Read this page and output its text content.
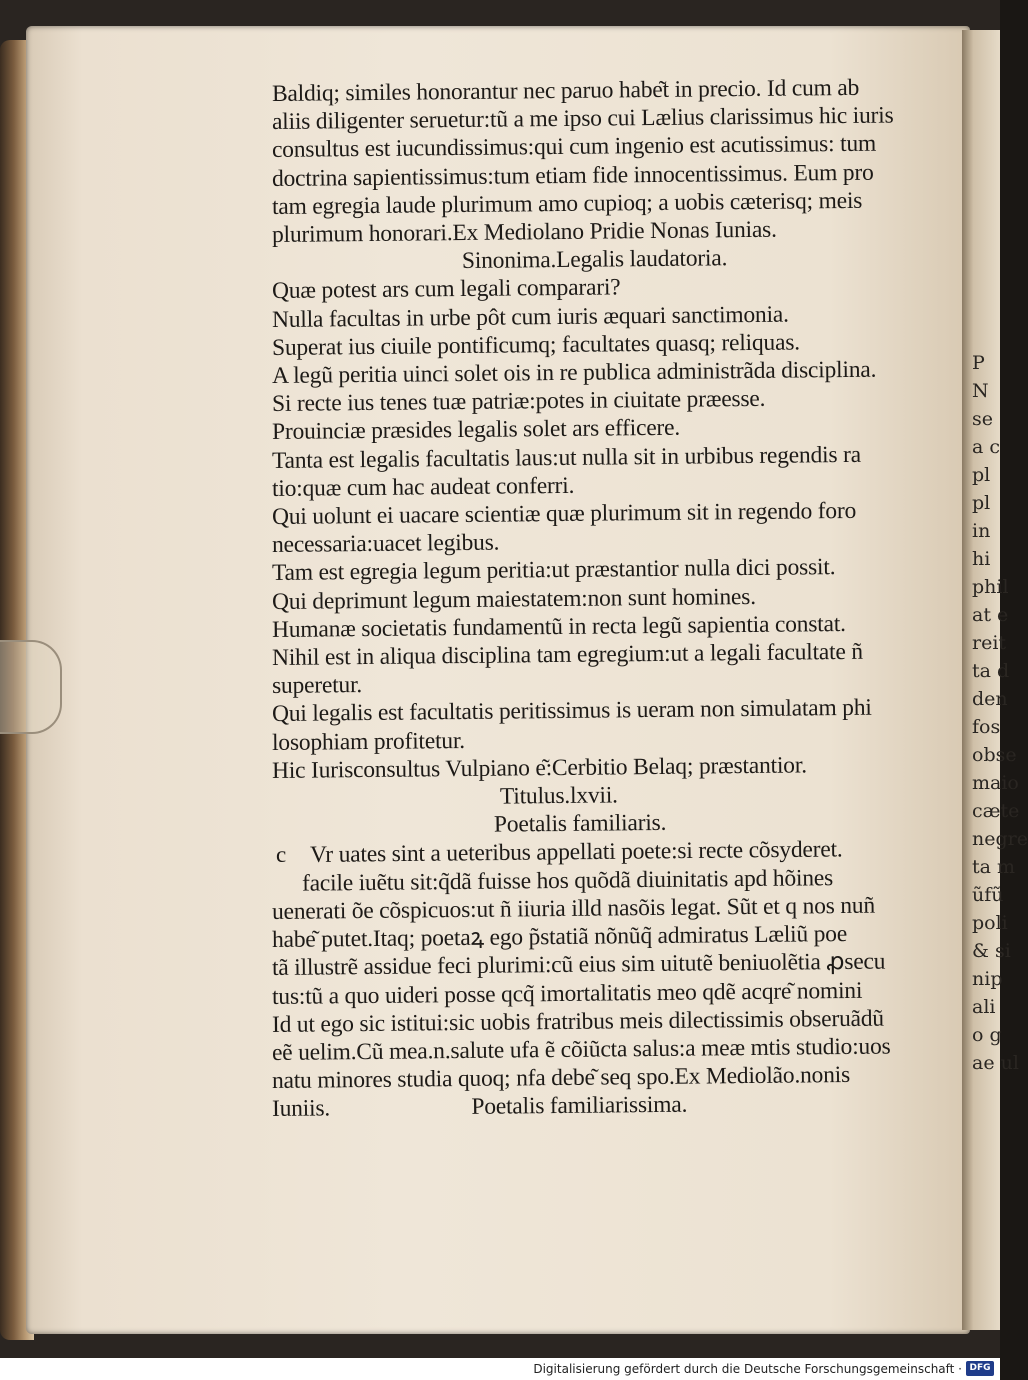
P
N
se
a c
pl
pl
in
hi
phil
at e
reit
ta d
den
fos
obse
maio
cæte
negre
ta m
ũfũ
poli
& si
nip
ali
o g
ae ul
Baldiq; similes honorantur nec paruo habe͂t in precio. Id cum ab
aliis diligenter seruetur:tũ a me ipso cui Lælius clarissimus hic iuris
consultus est iucundissimus:qui cum ingenio est acutissimus: tum
doctrina sapientissimus:tum etiam fide innocentissimus. Eum pro
tam egregia laude plurimum amo cupioq; a uobis cæterisq; meis
plurimum honorari.Ex Mediolano Pridie Nonas Iunias.
Sinonima.Legalis laudatoria.
Quæ potest ars cum legali comparari?
Nulla facultas in urbe pôt cum iuris æquari sanctimonia.
Superat ius ciuile pontificumq; facultates quasq; reliquas.
A legũ peritia uinci solet ois in re publica administrãda disciplina.
Si recte ius tenes tuæ patriæ:potes in ciuitate præesse.
Prouinciæ præsides legalis solet ars efficere.
Tanta est legalis facultatis laus:ut nulla sit in urbibus regendis ra
tio:quæ cum hac audeat conferri.
Qui uolunt ei uacare scientiæ quæ plurimum sit in regendo foro
necessaria:uacet legibus.
Tam est egregia legum peritia:ut præstantior nulla dici possit.
Qui deprimunt legum maiestatem:non sunt homines.
Humanæ societatis fundamentũ in recta legũ sapientia constat.
Nihil est in aliqua disciplina tam egregium:ut a legali facultate ñ
superetur.
Qui legalis est facultatis peritissimus is ueram non simulatam phi
losophiam profitetur.
Hic Iurisconsultus Vulpiano e͂:Cerbitio Belaq; præstantior.
Titulus.lxvii.
Poetalis familiaris.
c	Vr uates sint a ueteribus appellati poete:si recte cõsyderet.
facile iuẽtu sit:q̃dã fuisse hos quõdã diuinitatis apd hõines
uenerati õe cõspicuos:ut ñ iiuria illd nasõis legat. Sũt et q nos nuñ
habe͂ putet.Itaq; poetaꝝ ego p̃statiã nõnũq̃ admiratus Læliũ poe
tã illustrẽ assidue feci plurimi:cũ eius sim uitutẽ beniuolẽtia ꝓsecu
tus:tũ a quo uideri posse qcq̃ imortalitatis meo qdẽ acqre͂ nomini
Id ut ego sic istitui:sic uobis fratribus meis dilectissimis obseruãdũ
eẽ uelim.Cũ mea.n.salute ufa ẽ cõiũcta salus:a meæ mtis studio:uos
natu minores studia quoq; nfa debe͂ seq spo.Ex Mediolão.nonis
Iuniis.	Poetalis familiarissima.
Digitalisierung gefördert durch die Deutsche Forschungsgemeinschaft · DFG
